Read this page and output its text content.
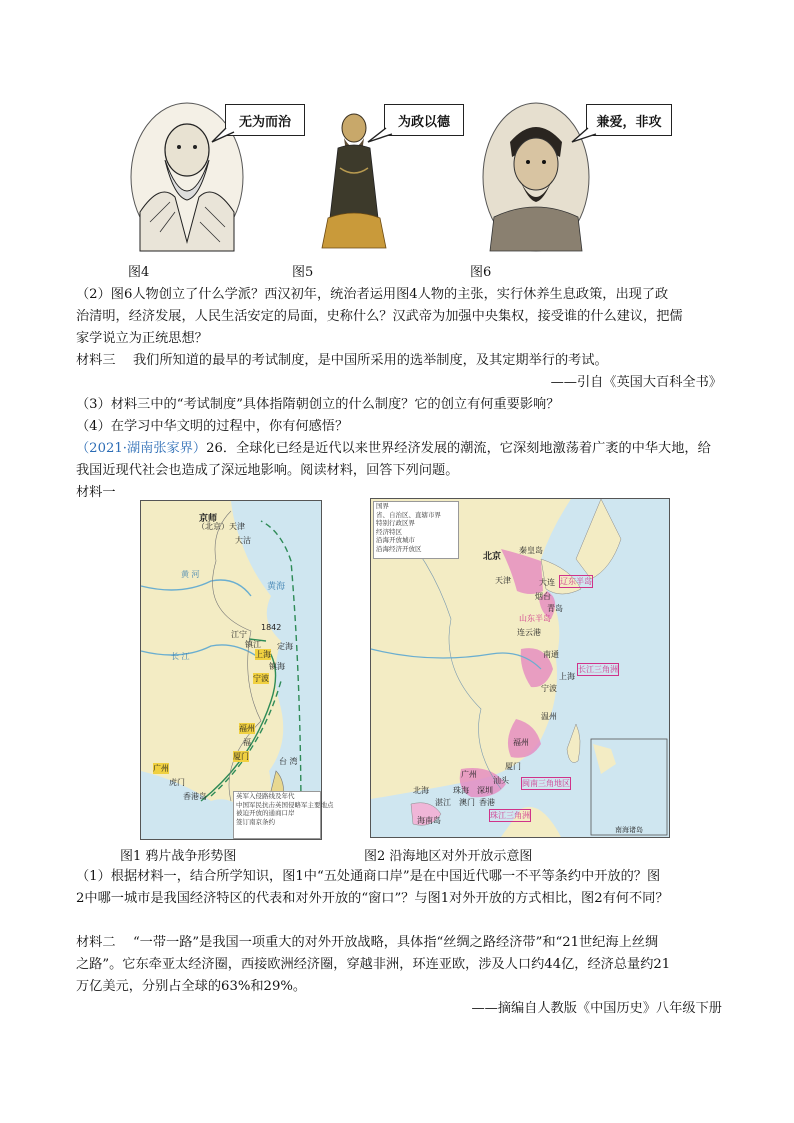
无为而治	为政以德	兼爱，非攻
图4	图5	图6
（2）图6人物创立了什么学派？西汉初年，统治者运用图4人物的主张，实行休养生息政策，出现了政
治清明，经济发展，人民生活安定的局面，史称什么？汉武帝为加强中央集权，接受谁的什么建议，把儒
家学说立为正统思想？
材料三　 我们所知道的最早的考试制度，是中国所采用的选举制度，及其定期举行的考试。
——引自《英国大百科全书》
（3）材料三中的“考试制度”具体指隋朝创立的什么制度？它的创立有何重要影响？
（4）在学习中华文明的过程中，你有何感悟？
（2021·湖南张家界）26．全球化已经是近代以来世界经济发展的潮流，它深刻地激荡着广袤的中华大地，给
我国近现代社会也造成了深远地影响。阅读材料，回答下列问题。
材料一
京师
（北京） 天津
大沽
黄 河
黄海
1842
江宁
镇江
上海
定海
镇海
长 江
宁波
福州
福
厦门
台 湾
广州
虎门
香港岛	英军入侵路线及年代
中国军民抗击英国侵略军主要地点
被迫开放的通商口岸
签订南京条约
国界
省、自治区、直辖市界
特别行政区界
经济特区
沿海开放城市
沿海经济开放区
北京
秦皇岛
天津	大连 辽东半岛
烟台
青岛
山东半岛
连云港
南通
长江三角洲
上海
宁波
温州
福州
厦门
闽南三角地区
汕头
广州
深圳
珠海
香港
澳门
湛江
北海
珠江三角洲
海南岛
南海诸岛
图1 鸦片战争形势图	图2 沿海地区对外开放示意图
（1）根据材料一，结合所学知识，图1中“五处通商口岸”是在中国近代哪一不平等条约中开放的？图
2中哪一城市是我国经济特区的代表和对外开放的“窗口”？与图1对外开放的方式相比，图2有何不同？
材料二　 “一带一路”是我国一项重大的对外开放战略，具体指“丝绸之路经济带”和“21世纪海上丝绸
之路”。它东牵亚太经济圈，西接欧洲经济圈，穿越非洲，环连亚欧，涉及人口约44亿，经济总量约21
万亿美元，分别占全球的63%和29%。
——摘编自人教版《中国历史》八年级下册
